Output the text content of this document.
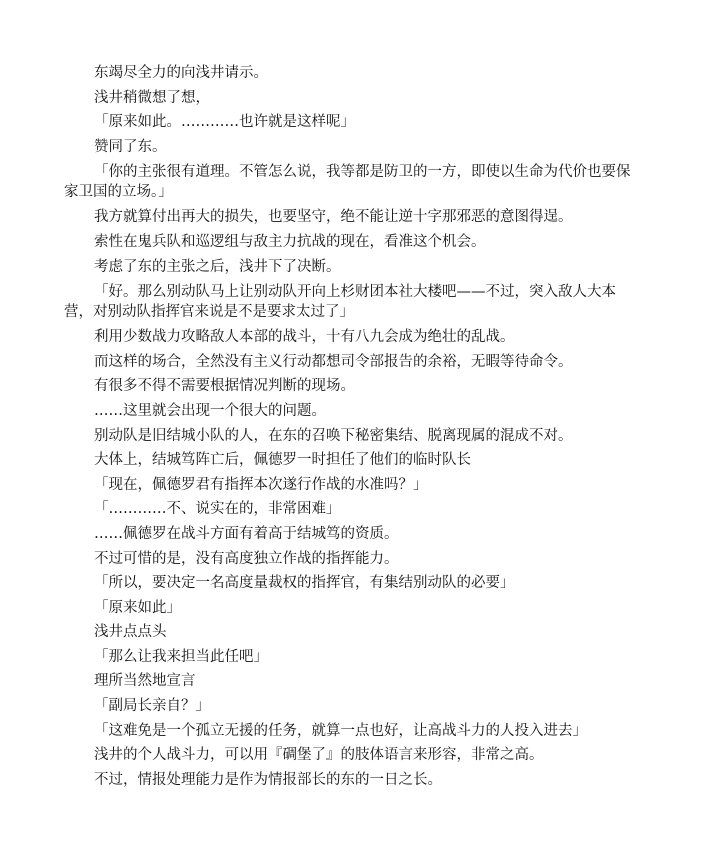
东竭尽全力的向浅井请示。

浅井稍微想了想，

「原来如此。…………也许就是这样呢」

赞同了东。

「你的主张很有道理。不管怎么说，我等都是防卫的一方，即使以生命为代价也要保家卫国的立场。」

我方就算付出再大的损失，也要坚守，绝不能让逆十字那邪恶的意图得逞。

索性在鬼兵队和巡逻组与敌主力抗战的现在，看准这个机会。

考虑了东的主张之后，浅井下了决断。

「好。那么别动队马上让别动队开向上杉财团本社大楼吧——不过，突入敌人大本营，对别动队指挥官来说是不是要求太过了」

利用少数战力攻略敌人本部的战斗，十有八九会成为绝壮的乱战。

而这样的场合，全然没有主义行动都想司令部报告的余裕，无暇等待命令。

有很多不得不需要根据情况判断的现场。

……这里就会出现一个很大的问题。

别动队是旧结城小队的人，在东的召唤下秘密集结、脱离现属的混成不对。

大体上，结城笃阵亡后，佩德罗一时担任了他们的临时队长

「现在，佩德罗君有指挥本次遂行作战的水准吗？」

「…………不、说实在的，非常困难」

……佩德罗在战斗方面有着高于结城笃的资质。

不过可惜的是，没有高度独立作战的指挥能力。

「所以，要决定一名高度量裁权的指挥官，有集结别动队的必要」

「原来如此」

浅井点点头

「那么让我来担当此任吧」

理所当然地宣言

「副局长亲自？」

「这难免是一个孤立无援的任务，就算一点也好，让高战斗力的人投入进去」

浅井的个人战斗力，可以用『碉堡了』的肢体语言来形容，非常之高。

不过，情报处理能力是作为情报部长的东的一日之长。
